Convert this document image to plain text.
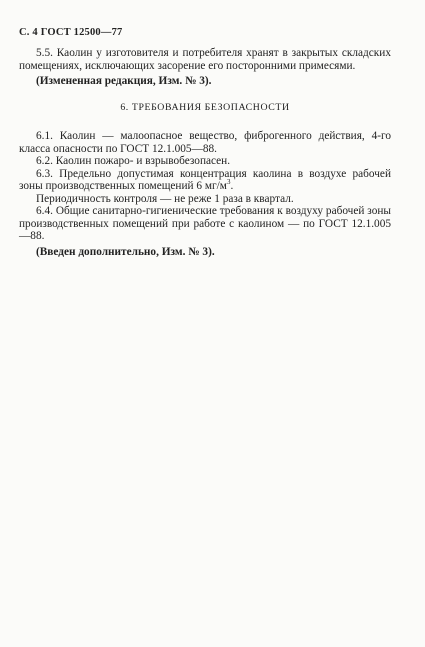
С. 4 ГОСТ 12500—77

5.5. Каолин у изготовителя и потребителя хранят в закрытых складских помещениях, исключающих засорение его посторонними примесями.

(Измененная редакция, Изм. № 3).

6. ТРЕБОВАНИЯ БЕЗОПАСНОСТИ

6.1. Каолин — малоопасное вещество, фиброгенного действия, 4-го класса опасности по ГОСТ 12.1.005—88.

6.2. Каолин пожаро- и взрывобезопасен.

6.3. Предельно допустимая концентрация каолина в воздухе рабочей зоны производственных помещений 6 $мг/м^3$.

Периодичность контроля — не реже 1 раза в квартал.

6.4. Общие санитарно-гигиенические требования к воздуху рабочей зоны производственных помещений при работе с каолином — по ГОСТ 12.1.005—88.

(Введен дополнительно, Изм. № 3).
